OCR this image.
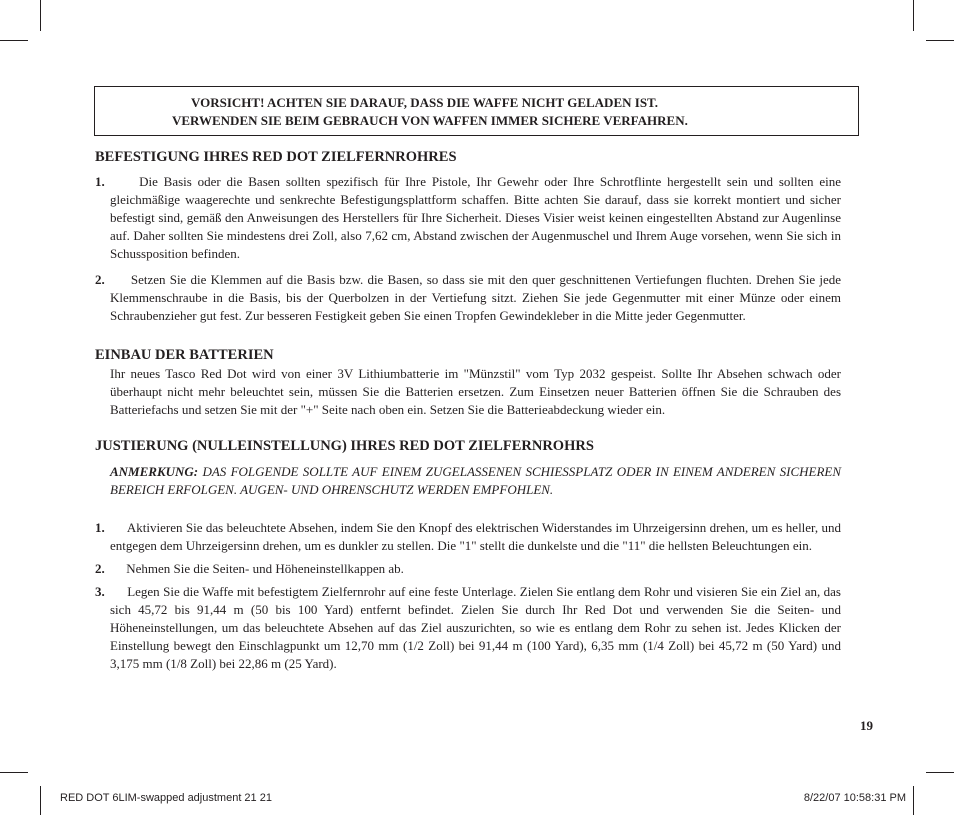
VORSICHT! ACHTEN SIE DARAUF, DASS DIE WAFFE NICHT GELADEN IST.
VERWENDEN SIE BEIM GEBRAUCH VON WAFFEN IMMER SICHERE VERFAHREN.
BEFESTIGUNG IHRES RED DOT ZIELFERNROHRES
1.	Die Basis oder die Basen sollten spezifisch für Ihre Pistole, Ihr Gewehr oder Ihre Schrotflinte hergestellt sein und sollten eine gleichmäßige waagerechte und senkrechte Befestigungsplattform schaffen. Bitte achten Sie darauf, dass sie korrekt montiert und sicher befestigt sind, gemäß den Anweisungen des Herstellers für Ihre Sicherheit. Dieses Visier weist keinen eingestellten Abstand zur Augenlinse auf. Daher sollten Sie mindestens drei Zoll, also 7,62 cm, Abstand zwischen der Augenmuschel und Ihrem Auge vorsehen, wenn Sie sich in Schussposition befinden.
2. Setzen Sie die Klemmen auf die Basis bzw. die Basen, so dass sie mit den quer geschnittenen Vertiefungen fluchten. Drehen Sie jede Klemmenschraube in die Basis, bis der Querbolzen in der Vertiefung sitzt. Ziehen Sie jede Gegenmutter mit einer Münze oder einem Schraubenzieher gut fest. Zur besseren Festigkeit geben Sie einen Tropfen Gewindekleber in die Mitte jeder Gegenmutter.
EINBAU DER BATTERIEN
Ihr neues Tasco Red Dot wird von einer 3V Lithiumbatterie im "Münzstil" vom Typ 2032 gespeist. Sollte Ihr Absehen schwach oder überhaupt nicht mehr beleuchtet sein, müssen Sie die Batterien ersetzen. Zum Einsetzen neuer Batterien öffnen Sie die Schrauben des Batteriefachs und setzen Sie mit der "+" Seite nach oben ein. Setzen Sie die Batterieabdeckung wieder ein.
JUSTIERUNG (NULLEINSTELLUNG) IHRES RED DOT ZIELFERNROHRS
ANMERKUNG: DAS FOLGENDE SOLLTE AUF EINEM ZUGELASSENEN SCHIESSPLATZ ODER IN EINEM ANDEREN SICHEREN BEREICH ERFOLGEN. AUGEN- UND OHRENSCHUTZ WERDEN EMPFOHLEN.
1. Aktivieren Sie das beleuchtete Absehen, indem Sie den Knopf des elektrischen Widerstandes im Uhrzeigersinn drehen, um es heller, und entgegen dem Uhrzeigersinn drehen, um es dunkler zu stellen. Die "1" stellt die dunkelste und die "11" die hellsten Beleuchtungen ein.
2. Nehmen Sie die Seiten- und Höheneinstellkappen ab.
3. Legen Sie die Waffe mit befestigtem Zielfernrohr auf eine feste Unterlage. Zielen Sie entlang dem Rohr und visieren Sie ein Ziel an, das sich 45,72 bis 91,44 m (50 bis 100 Yard) entfernt befindet. Zielen Sie durch Ihr Red Dot und verwenden Sie die Seiten- und Höheneinstellungen, um das beleuchtete Absehen auf das Ziel auszurichten, so wie es entlang dem Rohr zu sehen ist. Jedes Klicken der Einstellung bewegt den Einschlagpunkt um 12,70 mm (1/2 Zoll) bei 91,44 m (100 Yard), 6,35 mm (1/4 Zoll) bei 45,72 m (50 Yard) und 3,175 mm (1/8 Zoll) bei 22,86 m (25 Yard).
19
RED DOT 6LIM-swapped adjustment 21 21	8/22/07 10:58:31 PM
